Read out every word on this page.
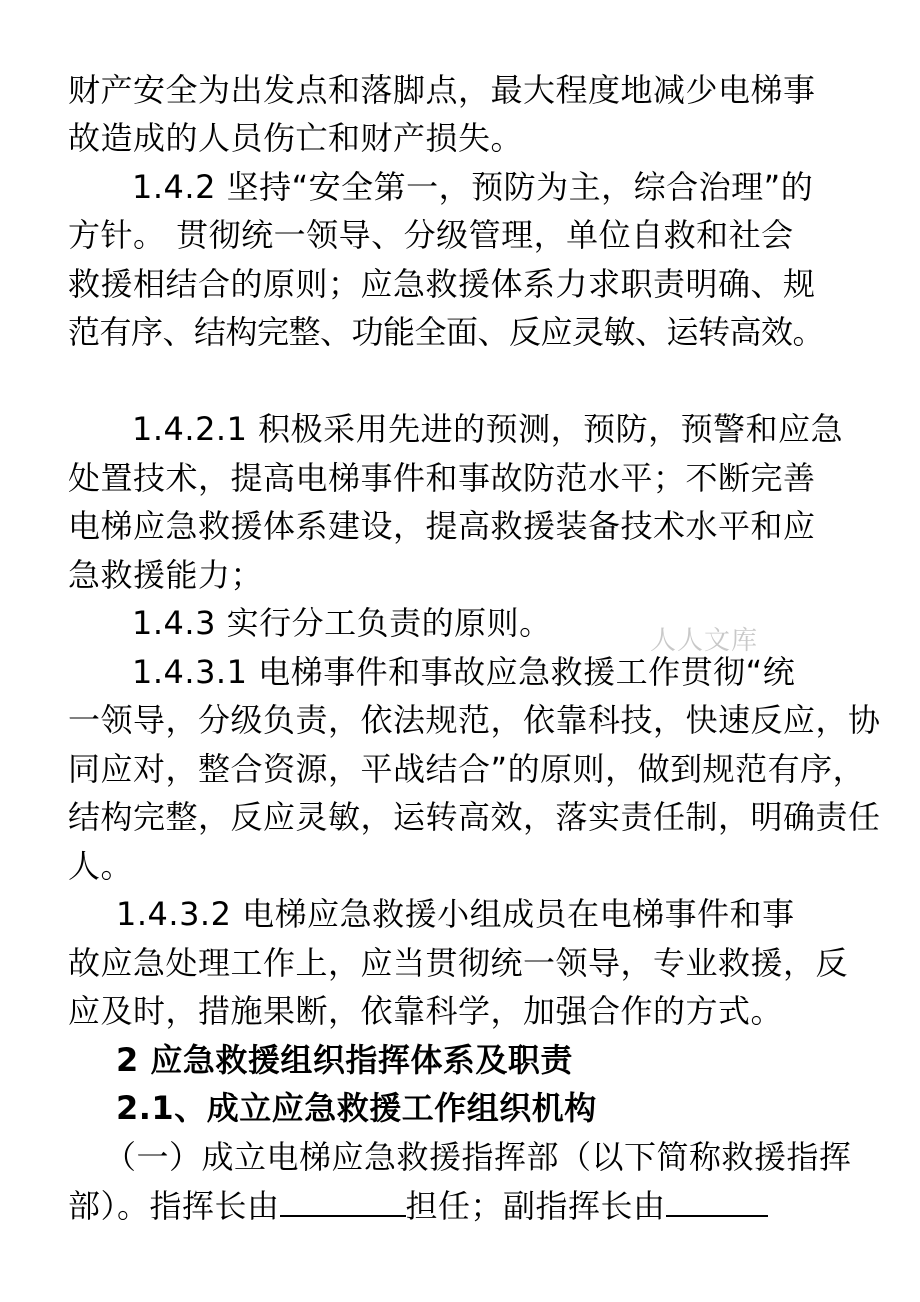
财产安全为出发点和落脚点，最大程度地减少电梯事
故造成的人员伤亡和财产损失。
1.4.2 坚持“安全第一，预防为主，综合治理”的
方针。 贯彻统一领导、分级管理，单位自救和社会
救援相结合的原则；应急救援体系力求职责明确、规
范有序、结构完整、功能全面、反应灵敏、运转高效。
1.4.2.1 积极采用先进的预测，预防，预警和应急
处置技术，提高电梯事件和事故防范水平；不断完善
电梯应急救援体系建设，提高救援装备技术水平和应
急救援能力；
1.4.3 实行分工负责的原则。	人人文库
1.4.3.1 电梯事件和事故应急救援工作贯彻“统
一领导，分级负责，依法规范，依靠科技，快速反应，协
同应对，整合资源，平战结合”的原则，做到规范有序，
结构完整，反应灵敏，运转高效，落实责任制，明确责任
人。
1.4.3.2 电梯应急救援小组成员在电梯事件和事
故应急处理工作上，应当贯彻统一领导，专业救援，反
应及时，措施果断，依靠科学，加强合作的方式。
2 应急救援组织指挥体系及职责
2.1、成立应急救援工作组织机构
（一）成立电梯应急救援指挥部（以下简称救援指挥
部）。指挥长由	担任；副指挥长由
